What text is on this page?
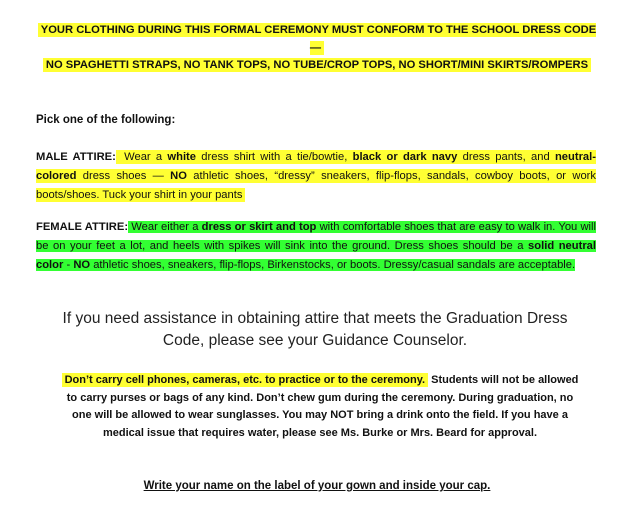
YOUR CLOTHING DURING THIS FORMAL CEREMONY MUST CONFORM TO THE SCHOOL DRESS CODE —
NO SPAGHETTI STRAPS, NO TANK TOPS, NO TUBE/CROP TOPS, NO SHORT/MINI SKIRTS/ROMPERS
Pick one of the following:
MALE ATTIRE: Wear a white dress shirt with a tie/bowtie, black or dark navy dress pants, and neutral-colored dress shoes — NO athletic shoes, “dressy” sneakers, flip-flops, sandals, cowboy boots, or work boots/shoes. Tuck your shirt in your pants
FEMALE ATTIRE: Wear either a dress or skirt and top with comfortable shoes that are easy to walk in. You will be on your feet a lot, and heels with spikes will sink into the ground. Dress shoes should be a solid neutral color - NO athletic shoes, sneakers, flip-flops, Birkenstocks, or boots. Dressy/casual sandals are acceptable.
If you need assistance in obtaining attire that meets the Graduation Dress Code, please see your Guidance Counselor.
Don’t carry cell phones, cameras, etc. to practice or to the ceremony. Students will not be allowed to carry purses or bags of any kind. Don’t chew gum during the ceremony. During graduation, no one will be allowed to wear sunglasses. You may NOT bring a drink onto the field. If you have a medical issue that requires water, please see Ms. Burke or Mrs. Beard for approval.
Write your name on the label of your gown and inside your cap.
